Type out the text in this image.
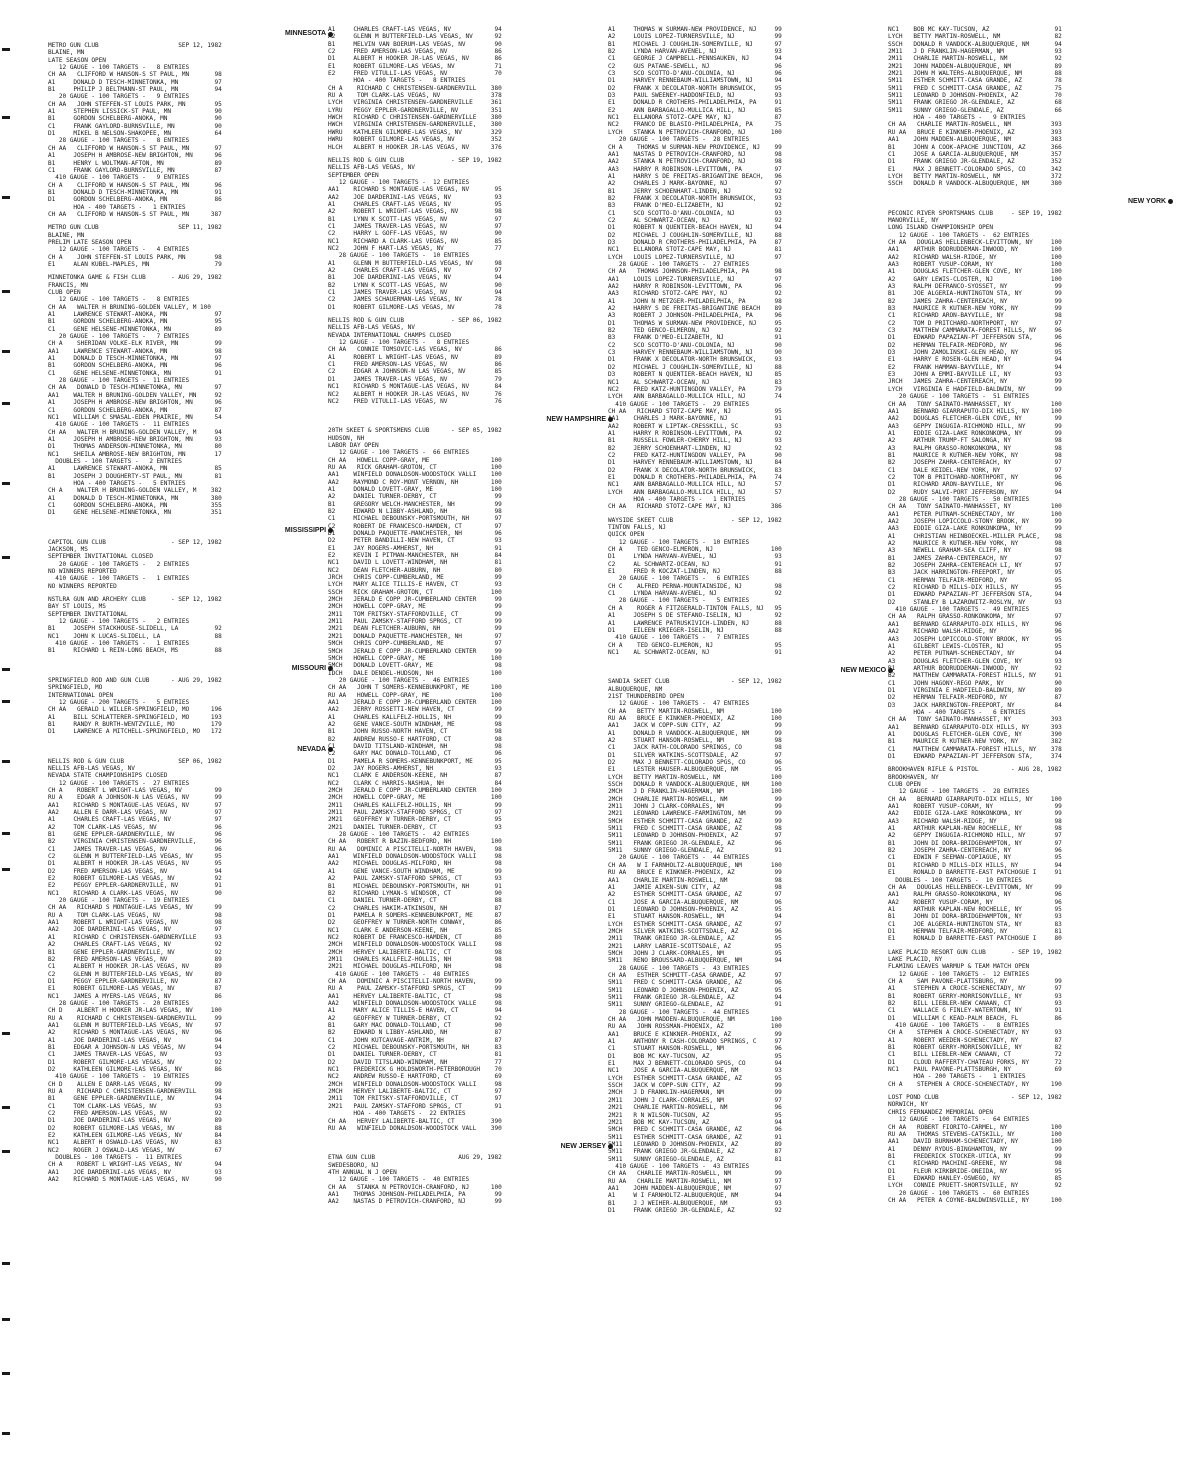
MINNESOTA
METRO GUN CLUB                      SEP 12, 1982
BLAINE, MN
LATE SEASON OPEN
12 GAUGE - 100 TARGETS -   8 ENTRIES
CH AA   CLIFFORD W HANSON-S ST PAUL, MN       98
A1     DONALD D TESCH-MINNETONKA, MN          97
B1     PHILIP J BELTMANN-ST PAUL, MN          94
20 GAUGE - 100 TARGETS -   9 ENTRIES
CH AA   JOHN STEFFEN-ST LOUIS PARK, MN        95
A1     STEPHEN LISSICK-ST PAUL, MN            90
B1     GORDON SCHELBERG-ANOKA, MN             90
C1     FRANK GAYLORD-BURNSVILLE, MN           90
D1     MIKEL B NELSON-SHAKOPEE, MN            64
28 GAUGE - 100 TARGETS -   8 ENTRIES
CH AA   CLIFFORD W HANSON-S ST PAUL, MN       97
A1     JOSEPH H AMBROSE-NEW BRIGHTON, MN      96
B1     HENRY L WOLTMAN-AFTON, MN              89
C1     FRANK GAYLORD-BURNSVILLE, MN           87
410 GAUGE - 100 TARGETS -   9 ENTRIES
CH A    CLIFFORD W HANSON-S ST PAUL, MN       96
B1     DONALD D TESCH-MINNETONKA, MN          91
D1     GORDON SCHELBERG-ANOKA, MN             86
HOA - 400 TARGETS -   1 ENTRIES
CH AA   CLIFFORD W HANSON-S ST PAUL, MN      387
METRO GUN CLUB                      SEP 11, 1982
BLAINE, MN
PRELIM LATE SEASON OPEN
12 GAUGE - 100 TARGETS -   4 ENTRIES
CH A    JOHN STEFFEN-ST LOUIS PARK, MN        98
E1     ALAN KUBEL-MAPLES, MN                  79
MINNETONKA GAME & FISH CLUB       - AUG 29, 1982
FRANCIS, MN
CLUB OPEN
12 GAUGE - 100 TARGETS -   8 ENTRIES
CH AA   WALTER H BRUNING-GOLDEN VALLEY, M 100
A1     LAWRENCE STEWART-ANOKA, MN             97
B1     GORDON SCHELBERG-ANOKA, MN             95
C1     GENE HELSENE-MINNETONKA, MN            89
20 GAUGE - 100 TARGETS -   7 ENTRIES
CH A    SHERIDAN VOLKE-ELK RIVER, MN          99
AA1    LAWRENCE STEWART-ANOKA, MN             98
A1     DONALD D TESCH-MINNETONKA, MN          97
B1     GORDON SCHELBERG-ANOKA, MN             96
C1     GENE HELSENE-MINNETONKA, MN            91
28 GAUGE - 100 TARGETS -  11 ENTRIES
CH AA   DONALD D TESCH-MINNETONKA, MN         97
AA1    WALTER H BRUNING-GOLDEN VALLEY, MN     92
A1     JOSEPH H AMBROSE-NEW BRIGHTON, MN      96
C1     GORDON SCHELBERG-ANOKA, MN             87
NC1    WILLIAM C SMASAL-EDEN PRAIRIE, MN      54
410 GAUGE - 100 TARGETS -  11 ENTRIES
CH AA   WALTER H BRUNING-GOLDEN VALLEY, M     94
A1     JOSEPH H AMBROSE-NEW BRIGHTON, MN      93
D1     THOMAS ANDERSON-MINNETONKA, MN         80
NC1    SHEILA AMBROSE-NEW BRIGHTON, MN        17
DOUBLES - 100 TARGETS -   2 ENTRIES
A1     LAWRENCE STEWART-ANOKA, MN             85
B1     JOSEPH J DOUGHERTY-ST PAUL, MN         81
HOA - 400 TARGETS -   5 ENTRIES
CH A    WALTER H BRUNING-GOLDEN VALLEY, M    382
A1     DONALD D TESCH-MINNETONKA, MN         380
C1     GORDON SCHELBERG-ANOKA, MN            355
D1     GENE HELSENE-MINNETONKA, MN           351
MISSISSIPPI
CAPITOL GUN CLUB                  - SEP 12, 1982
JACKSON, MS
SEPTEMBER INVITATIONAL CLOSED
20 GAUGE - 100 TARGETS -   2 ENTRIES
NO WINNERS REPORTED
410 GAUGE - 100 TARGETS -   1 ENTRIES
NO WINNERS REPORTED
NSTLRA GUN AND ARCHERY CLUB       - SEP 12, 1982
BAY ST LOUIS, MS
SEPTEMBER INVITATIONAL
12 GAUGE - 100 TARGETS -   2 ENTRIES
B1     JOSEPH STACKHOUSE-SLIDELL, LA          92
NC1    JOHN K LUCAS-SLIDELL, LA               88
410 GAUGE - 100 TARGETS -   1 ENTRIES
B1     RICHARD L REIN-LONG BEACH, MS          88
MISSOURI
SPRINGFIELD ROD AND GUN CLUB      - AUG 29, 1982
SPRINGFIELD, MO
INTERNATIONAL OPEN
12 GAUGE - 200 TARGETS -   5 ENTRIES
CH AA   GERALD L WILLER-SPRINGFIELD, MO      196
A1     BILL SCHLATTERER-SPRINGFIELD, MO      193
B1     RANDY R BURTH-WENTZVILLE, MO          179
D1     LAWRENCE A MITCHELL-SPRINGFIELD, MO   172
NEVADA
NELLIS ROD & GUN CLUB               SEP 06, 1982
NELLIS AFB-LAS VEGAS, NV
NEVADA STATE CHAMPIONSHIPS CLOSED
12 GAUGE - 100 TARGETS -  27 ENTRIES
CH A    ROBERT L WRIGHT-LAS VEGAS, NV         99
RU A    EDGAR A JOHNSON-N LAS VEGAS, NV       99
AA1    RICHARD S MONTAGUE-LAS VEGAS, NV       97
AA2    ALLEN E DARR-LAS VEGAS, NV             97
A1     CHARLES CRAFT-LAS VEGAS, NV            97
A2     TOM CLARK-LAS VEGAS, NV                96
B1     GENE EPPLER-GARDNERVILLE, NV           96
B2     VIRGINIA CHRISTENSEN-GARDNERVILLE,     96
C1     JAMES TRAVER-LAS VEGAS, NV             96
C2     GLENN M BUTTERFIELD-LAS VEGAS, NV      95
D1     ALBERT H HOOKER JR-LAS VEGAS, NV       95
D2     FRED AMERSON-LAS VEGAS, NV             94
E2     ROBERT GILMORE-LAS VEGAS, NV           92
E2     PEGGY EPPLER-GARDNERVILLE, NV          91
NC1    RICHARD A CLARK-LAS VEGAS, NV          90
20 GAUGE - 100 TARGETS -  19 ENTRIES
CH AA   RICHARD S MONTAGUE-LAS VEGAS, NV      99
RU A    TOM CLARK-LAS VEGAS, NV               98
AA1    ROBERT L WRIGHT-LAS VEGAS, NV          98
AA2    JOE DARDERINI-LAS VEGAS, NV            97
A1     RICHARD C CHRISTENSEN-GARDNERVILLE     93
A2     CHARLES CRAFT-LAS VEGAS, NV            92
B1     GENE EPPLER-GARDNERVILLE, NV           92
B2     FRED AMERSON-LAS VEGAS, NV             89
C1     ALBERT H HOOKER JR-LAS VEGAS, NV       89
C2     GLENN M BUTTERFIELD-LAS VEGAS, NV      89
D1     PEGGY EPPLER-GARDNERVILLE, NV          87
E1     ROBERT GILMORE-LAS VEGAS, NV           87
NC1    JAMES A MYERS-LAS VEGAS, NV            86
28 GAUGE - 100 TARGETS -  20 ENTRIES
CH D    ALBERT H HOOKER JR-LAS VEGAS, NV     100
RU A    RICHARD C CHRISTENSEN-GARDNERVILL     99
AA1    GLENN M BUTTERFIELD-LAS VEGAS, NV      97
A2     RICHARD S MONTAGUE-LAS VEGAS, NV       96
A1     JOE DARDERINI-LAS VEGAS, NV            94
B1     EDGAR A JOHNSON-N LAS VEGAS, NV        94
C1     JAMES TRAVER-LAS VEGAS, NV             93
D1     ROBERT GILMORE-LAS VEGAS, NV           92
D2     KATHLEEN GILMORE-LAS VEGAS, NV         86
410 GAUGE - 100 TARGETS -  19 ENTRIES
CH D    ALLEN E DARR-LAS VEGAS, NV            99
RU A    RICHARD C CHRISTENSEN-GARDNERVILL     98
B1     GENE EPPLER-GARDNERVILLE, NV           94
C1     TOM CLARK-LAS VEGAS, NV                93
C2     FRED AMERSON-LAS VEGAS, NV             92
D1     JOE DARDERINI-LAS VEGAS, NV            89
D2     ROBERT GILMORE-LAS VEGAS, NV           88
E2     KATHLEEN GILMORE-LAS VEGAS, NV         84
NC1    ALBERT H OSWALD-LAS VEGAS, NV          83
NC2    ROGER J OSWALD-LAS VEGAS, NV           67
DOUBLES - 100 TARGETS -  11 ENTRIES
CH A    ROBERT L WRIGHT-LAS VEGAS, NV         94
AA1    JOE DARDERINI-LAS VEGAS, NV            93
AA2    RICHARD S MONTAGUE-LAS VEGAS, NV       90
A1     CHARLES CRAFT-LAS VEGAS, NV            94
A2     GLENN M BUTTERFIELD-LAS VEGAS, NV      92
B1     MELVIN VAN BOERUM-LAS VEGAS, NV        90
C2     FRED AMERSON-LAS VEGAS, NV             86
D1     ALBERT H HOOKER JR-LAS VEGAS, NV       86
E1     ROBERT GILMORE-LAS VEGAS, NV           71
E2     FRED VITULLI-LAS VEGAS, NV             70
HOA - 400 TARGETS -   8 ENTRIES
CH A    RICHARD C CHRISTENSEN-GARDNERVILL    380
RU A    TOM CLARK-LAS VEGAS, NV              378
LYCH   VIRGINIA CHRISTENSEN-GARDNERVILLE     361
LYRU   PEGGY EPPLER-GARDNERVILLE, NV         351
HWCH   RICHARD C CHRISTENSEN-GARDNERVILLE    380
HWCH   VIRGINIA CHRISTENSEN-GARDNERVILLE,    380
HWRU   KATHLEEN GILMORE-LAS VEGAS, NV        329
HWRU   ROBERT GILMORE-LAS VEGAS, NV          352
HLCH   ALBERT H HOOKER JR-LAS VEGAS, NV      376
NELLIS ROD & GUN CLUB             - SEP 19, 1982
NELLIS AFB-LAS VEGAS, NV
SEPTEMBER OPEN
12 GAUGE - 100 TARGETS -  12 ENTRIES
AA1    RICHARD S MONTAGUE-LAS VEGAS, NV       95
AA2    JOE DARDERINI-LAS VEGAS, NV            93
A1     CHARLES CRAFT-LAS VEGAS, NV            95
A2     ROBERT L WRIGHT-LAS VEGAS, NV          98
B1     LYNN K SCOTT-LAS VEGAS, NV             97
C1     JAMES TRAVER-LAS VEGAS, NV             97
C2     HARRY L GOFF-LAS VEGAS, NV             90
NC1    RICHARD A CLARK-LAS VEGAS, NV          85
NC2    JOHN F HART-LAS VEGAS, NV              77
28 GAUGE - 100 TARGETS -  10 ENTRIES
A1     GLENN M BUTTERFIELD-LAS VEGAS, NV      98
A2     CHARLES CRAFT-LAS VEGAS, NV            97
B1     JOE DARDERINI-LAS VEGAS, NV            94
B2     LYNN K SCOTT-LAS VEGAS, NV             90
C1     JAMES TRAVER-LAS VEGAS, NV             94
C2     JAMES SCHAUERMAN-LAS VEGAS, NV         78
D1     ROBERT GILMORE-LAS VEGAS, NV           78
NELLIS ROD & GUN CLUB             - SEP 06, 1982
NELLIS AFB-LAS VEGAS, NV
NEVADA INTERNATIONAL CHAMPS CLOSED
12 GAUGE - 100 TARGETS -   8 ENTRIES
CH AA   CONNIE TOMSOVIC-LAS VEGAS, NV         86
A1     ROBERT L WRIGHT-LAS VEGAS, NV          89
C1     FRED AMERSON-LAS VEGAS, NV             86
C2     EDGAR A JOHNSON-N LAS VEGAS, NV        85
D1     JAMES TRAVER-LAS VEGAS, NV             79
NC1    RICHARD S MONTAGUE-LAS VEGAS, NV       84
NC2    ALBERT H HOOKER JR-LAS VEGAS, NV       76
NC2    FRED VITULLI-LAS VEGAS, NV             76
NEW HAMPSHIRE
20TH SKEET & SPORTSMENS CLUB      - SEP 05, 1982
HUDSON, NH
LABOR DAY OPEN
12 GAUGE - 100 TARGETS -  66 ENTRIES
CH AA   HOWELL COPP-GRAY, ME                 100
RU AA   RICK GRAHAM-GROTON, CT               100
AA1    WINFIELD DONALDSON-WOODSTOCK VALLI    100
AA2    RAYMOND C ROY-MONT VERNON, NH         100
A1     DONALD LOVETT-GRAY, ME                100
A2     DANIEL TURNER-DERBY, CT                99
B1     GREGORY WELCH-MANCHESTER, NH           99
B2     EDWARD N LIBBY-ASHLAND, NH             98
C1     MICHAEL DEBOUNSKY-PORTSMOUTH, NH       97
C2     ROBERT DE FRANCESCO-HAMDEN, CT         97
D1     DONALD PAQUETTE-MANCHESTER, NH         96
D2     PETER BANDILLI-NEW HAVEN, CT           93
E1     JAY ROGERS-AMHERST, NH                 91
E2     KEVIN I PITMAN-MANCHESTER, NH          84
NC1    DAVID L LOVETT-WINDHAM, NH             81
NC2    DEAN FLETCHER-AUBURN, NH               80
JRCH   CHRIS COPP-CUMBERLAND, ME              99
LYCH   MARY ALICE TILLIS-E HAVEN, CT          93
SSCH   RICK GRAHAM-GROTON, CT                100
2MCH   JERALD E COPP JR-CUMBERLAND CENTER     99
2MCH   HOWELL COPP-GRAY, ME                   99
2M11   TOM FRITSKY-STAFFORDVILLE, CT          99
2M11   PAUL ZAMSKY-STAFFORD SPRGS, CT         99
2M21   DEAN FLETCHER-AUBURN, NH               99
2M21   DONALD PAQUETTE-MANCHESTER, NH         97
5MCH   CHRIS COPP-CUMBERLAND, ME              97
5MCH   JERALD E COPP JR-CUMBERLAND CENTER     99
5MCH   HOWELL COPP-GRAY, ME                  100
5MCH   DONALD LOVETT-GRAY, ME                 98
IDCH   DALE DENDEL-HUDSON, NH                100
20 GAUGE - 100 TARGETS -  46 ENTRIES
CH AA   JOHN T SOMERS-KENNEBUNKPORT, ME      100
RU AA   HOWELL COPP-GRAY, ME                 100
AA1    JERALD E COPP JR-CUMBERLAND CENTER    100
AA2    JERRY ROSSETTI-NEW HAVEN, CT           99
A1     CHARLES KALLFELZ-HOLLIS, NH            99
A2     GENE VANCE-SOUTH WINDHAM, ME           98
B1     JOHN RUSSO-NORTH HAVEN, CT             98
B2     ANDREW RUSSO-E HARTFORD, CT            98
C1     DAVID TITSLAND-WINDHAM, NH             98
C2     GARY MAC DONALD-TOLLAND, CT            96
D1     PAMELA R SOMERS-KENNEBUNKPORT, ME      95
D2     JAY ROGERS-AMHERST, NH                 93
NC1    CLARK E ANDERSON-KEENE, NH             87
NC2    CLARK C HARRIS-NASHUA, NH              84
2MCH   JERALD E COPP JR-CUMBERLAND CENTER    100
2MCH   HOWELL COPP-GRAY, ME                  100
2M11   CHARLES KALLFELZ-HOLLIS, NH            99
2M11   PAUL ZAMSKY-STAFFORD SPRGS, CT         97
2M21   GEOFFREY W TURNER-DERBY, CT            95
2M21   DANIEL TURNER-DERBY, CT                93
28 GAUGE - 100 TARGETS -  42 ENTRIES
CH AA   ROBERT R BAZIN-BEDFORD, NH           100
RU AA   DOMINIC A PISCITELLI-NORTH HAVEN,     98
AA1    WINFIELD DONALDSON-WOODSTOCK VALLI     98
AA2    MICHAEL DOUGLAS-MILFORD, NH            98
A1     GENE VANCE-SOUTH WINDHAM, ME           99
A2     PAUL ZAMSKY-STAFFORD SPRGS, CT         93
B1     MICHAEL DEBOUNSKY-PORTSMOUTH, NH       91
B2     RICHARD LYMAN-S WINDSOR, CT            90
C1     DANIEL TURNER-DERBY, CT                88
C2     CHARLES HAKIM-ATKINSON, NH             87
D1     PAMELA R SOMERS-KENNEBUNKPORT, ME      87
D2     GEOFFREY W TURNER-NORTH CONWAY,        86
NC1    CLARK E ANDERSON-KEENE, NH             85
NC2    ROBERT DE FRANCESCO-HAMDEN, CT         80
2MCH   WINFIELD DONALDSON-WOODSTOCK VALLI     98
2MCH   HERVEY LALIBERTE-BALTIC, CT            98
2M11   CHARLES KALLFELZ-HOLLIS, NH            98
2M21   MICHAEL DOUGLAS-MILFORD, NH            98
410 GAUGE - 100 TARGETS -  48 ENTRIES
CH AA   DOMINIC A PISCITELLI-NORTH HAVEN,     99
RU A    PAUL ZAMSKY-STAFFORD SPRGS, CT        99
AA1    HERVEY LALIBERTE-BALTIC, CT            98
AA2    WINFIELD DONALDSON-WOODSTOCK VALLE     98
A1     MARY ALICE TILLIS-E HAVEN, CT          94
A2     GEOFFREY W TURNER-DERBY, CT            92
B1     GARY MAC DONALD-TOLLAND, CT            90
B2     EDWARD N LIBBY-ASHLAND, NH             87
C1     JOHN KUTCAVAGE-ANTRIM, NH              87
C2     MICHAEL DEBOUNSKY-PORTSMOUTH, NH       83
D1     DANIEL TURNER-DERBY, CT                81
D2     DAVID TITSLAND-WINDHAM, NH             77
NC1    FREDERICK G HOLDSWORTH-PETERBOROUGH    70
NC2    ANDREW RUSSO-E HARTFORD, CT            69
2MCH   WINFIELD DONALDSON-WOODSTOCK VALLI     98
2MCH   HERVEY LALIBERTE-BALTIC, CT            97
2M11   TOM FRITSKY-STAFFORDVILLE, CT          97
2M21   PAUL ZAMSKY-STAFFORD SPRGS, CT         91
HOA - 400 TARGETS -  22 ENTRIES
CH AA   HERVEY LALIBERTE-BALTIC, CT          390
RU AA   WINFIELD DONALDSON-WOODSTOCK VALL    390
NEW JERSEY
ETNA GUN CLUB                       AUG 29, 1982
SWEDESBORO, NJ
4TH ANNUAL N J OPEN
12 GAUGE - 100 TARGETS -  40 ENTRIES
CH AA   STANKA N PETROVICH-CRANFORD, NJ      100
AA1    THOMAS JOHNSON-PHILADELPHIA, PA        99
AA2    NASTAS D PETROVICH-CRANFORD, NJ        99
A1     THOMAS W SURMAN-NEW PROVIDENCE, NJ     99
A2     LOUIS LOPEZ-TURNERSVILLE, NJ           99
B1     MICHAEL J COUGHLIN-SOMERVILLE, NJ      97
B2     LYNDA HARVAN-AVENEL, NJ                93
C1     GEORGE J CAMPBELL-PENNSAUKEN, NJ       94
C2     GUS PATANE-SEWELL, NJ                  96
C3     SCO SCOTTO-D'ANU-COLONIA, NJ           96
D1     HARVEY RENNEBAUM-WILLIAMSTOWN, NJ      94
D2     FRANK X DECOLATOR-NORTH BRUNSWICK,     95
D3     PAUL SWEENEY-HADDONFIELD, NJ           93
E1     DONALD R CROTHERS-PHILADELPHIA, PA     91
E2     ANN BARBAGALLO-MULLICA HILL, NJ        85
NC1    ELLANORA STOTZ-CAPE MAY, NJ            87
NC2    FRANCO DE BLASIO-PHILADELPHIA, PA      75
LYCH   STANKA N PETROVICH-CRANFORD, NJ       100
20 GAUGE - 100 TARGETS -  28 ENTRIES
CH A    THOMAS W SURMAN-NEW PROVIDENCE, NJ    99
AA1    NASTAS D PETROVICH-CRANFORD, NJ        98
AA2    STANKA N PETROVICH-CRANFORD, NJ        98
AA3    HARRY R ROBINSON-LEVITTOWN, PA         97
A1     HARRY S DE FREITAS-BRIGANTINE BEACH,   96
A2     CHARLES J MARK-BAYONNE, NJ             97
B1     JERRY SCHOENHART-LINDEN, NJ            92
B2     FRANK X DECOLATOR-NORTH BRUNSWICK,     93
B3     FRANK D'MEO-ELIZABETH, NJ              92
C1     SCO SCOTTO-D'ANU-COLONIA, NJ           93
C2     AL SCHWARTZ-OCEAN, NJ                  92
D1     ROBERT N QUENTIER-BEACH HAVEN, NJ      94
D2     MICHAEL J COUGHLIN-SOMERVILLE, NJ      88
D3     DONALD R CROTHERS-PHILADELPHIA, PA     87
NC1    ELLANORA STOTZ-CAPE MAY, NJ            81
LYCH   LOUIS LOPEZ-TURNERSVILLE, NJ           97
28 GAUGE - 100 TARGETS -  27 ENTRIES
CH AA   THOMAS JOHNSON-PHILADELPHIA, PA       98
AA1    LOUIS LOPEZ-TURNERSVILLE, NJ           97
AA2    HARRY R ROBINSON-LEVITTOWN, PA         96
AA3    RICHARD STOTZ-CAPE MAY, NJ             92
A1     JOHN N METZGER-PHILADELPHIA, PA        98
A2     HARRY S DE FREITAS-BRIGANTINE BEACH    89
A3     ROBERT J JOHNSON-PHILADELPHIA, PA      96
D1     THOMAS W SURMAN-NEW PROVIDENCE, NJ     95
B2     TED GENCO-ELMERON, NJ                  92
B3     FRANK D'MEO-ELIZABETH, NJ              91
C2     SCO SCOTTO-D'ANU-COLONIA, NJ           90
C3     HARVEY RENNEBAUM-WILLIAMSTOWN, NJ      90
D1     FRANK X DECOLATOR-NORTH BRUNSWICK,     93
D2     MICHAEL J COUGHLIN-SOMERVILLE, NJ      88
D3     ROBERT N QUENTIER-BEACH HAVEN, NJ      85
NC1    AL SCHWARTZ-OCEAN, NJ                  83
NC2    FRED KATZ-HUNTINGDON VALLEY, PA        79
LYCH   ANN BARBAGALLO-MULLICA HILL, NJ        74
410 GAUGE - 100 TARGETS -  29 ENTRIES
CH AA   RICHARD STOTZ-CAPE MAY, NJ            95
AA1    CHARLES J MARK-BAYONNE, NJ             91
AA2    ROBERT W LIPTAK-CRESSKILL, SC          93
A1     HARRY R ROBINSON-LEVITTOWN, PA         92
B1     RUSSELL FOWLER-CHERRY HILL, NJ         93
B2     JERRY SCHOENHART-LINDEN, NJ            92
C2     FRED KATZ-HUNTINGDON VALLEY, PA        90
D1     HARVEY RENNEBAUM-WILLIAMSTOWN, NJ      84
D2     FRANK X DECOLATOR-NORTH BRUNSWICK,     83
E1     DONALD R CROTHERS-PHILADELPHIA, PA     74
NC1    ANN BARBAGALLO-MULLICA HILL, NJ        57
LYCH   ANN BARBAGALLO-MULLICA HILL, NJ        57
HOA - 400 TARGETS -   1 ENTRIES
CH AA   RICHARD STOTZ-CAPE MAY, NJ           386
WAYSIDE SKEET CLUB                - SEP 12, 1982
TINTON FALLS, NJ
QUICK OPEN
12 GAUGE - 100 TARGETS -  10 ENTRIES
CH A    TED GENCO-ELMERON, NJ                100
D1     LYNDA HARVAN-AVENEL, NJ                93
C2     AL SCHWARTZ-OCEAN, NJ                  91
E1     FRED R KOCZAT-LINDEN, NJ               88
20 GAUGE - 100 TARGETS -   6 ENTRIES
CH C    ALFRED PERNA-MOUNTAINSIDE, NJ         98
C1     LYNDA HARVAN-AVENEL, NJ                92
28 GAUGE - 100 TARGETS -   5 ENTRIES
CH A    ROGER A FITZGERALD-TINTON FALLS, NJ   95
A1     JOSEPH S DE STEFANO-ISELIN, NJ         92
A1     LAWRENCE PATRUSKIVICH-LINDEN, NJ       88
D1     EILEEN KRIEGER-ISELIN, NJ              88
410 GAUGE - 100 TARGETS -   7 ENTRIES
CH A    TED GENCO-ELMERON, NJ                 95
NC1    AL SCHWARTZ-OCEAN, NJ                  91
NEW MEXICO
SANDIA SKEET CLUB                 - SEP 12, 1982
ALBUQUERQUE, NM
21ST THUNDERBIRD OPEN
12 GAUGE - 100 TARGETS -  47 ENTRIES
CH AA   BETTY MARTIN-ROSWELL, NM             100
RU AA   BRUCE E KINKNER-PHOENIX, AZ          100
AA1    JACK W COPP-SUN CITY, AZ               99
A1     DONALD R VANDOCK-ALBUQUERQUE, NM       99
A2     STUART HANSON-ROSWELL, NM              98
C1     JACK RATH-COLORADO SPRINGS, CO         98
D1     SILVER WATKINS-SCOTTSDALE, AZ          97
D2     MAX J BENNETT-COLORADO SPGS, CO        96
E1     LESTER HAUSER-ALBUQUERQUE, NM          95
LYCH   BETTY MARTIN-ROSWELL, NM              100
SSCH   DONALD R VANDOCK-ALBUQUERQUE, NM      100
2MCH   J D FRANKLIN-HAGERMAN, NM             100
2MCH   CHARLIE MARTIN-ROSWELL, NM             99
2M11   JOHN J CLARK-CORRALES, NM              99
2M21   LEONARD LAWRENCE-FARMINGTON, NM        99
5MCH   ESTHER SCHMITT-CASA GRANDE, AZ         99
5M11   FRED C SCHMITT-CASA GRANDE, AZ         98
5M11   LEONARD D JOHNSON-PHOENIX, AZ          97
5M11   FRANK GRIEGO JR-GLENDALE, AZ           96
5M11   SUNNY GRIEGO-GLENDALE, AZ              91
20 GAUGE - 100 TARGETS -  44 ENTRIES
CH AA   W I FARNHOLTZ-ALBUQUERQUE, NM        100
RU AA   BRUCE E KINKNER-PHOENIX, AZ           99
AA1    CHARLIE MARTIN-ROSWELL, NM             98
A1     JAMIE AIKEN-SUN CITY, AZ               98
A2     ESTHER SCHMITT-CASA GRANDE, AZ         97
C1     JOSE A GARCIA-ALBUQUERQUE, NM          96
D1     LEONARD D JOHNSON-PHOENIX, AZ          95
E1     STUART HANSON-ROSWELL, NM              94
LYCH   ESTHER SCHMITT-CASA GRANDE, AZ         97
2MCH   SILVER WATKINS-SCOTTSDALE, AZ          96
2M11   TRANK GRIEGO JR-GLENDALE, AZ           95
2M21   LARRY LABRIE-SCOTTSDALE, AZ            95
5MCH   JOHN J CLARK-CORRALES, NM              95
5M11   RENO BROUSSARD-ALBUQUERQUE, NM         94
28 GAUGE - 100 TARGETS -  43 ENTRIES
CH AA   ESTHER SCHMITT-CASA GRANDE, AZ        97
5M11   FRED C SCHMITT-CASA GRANDE, AZ         96
5M11   LEONARD D JOHNSON-PHOENIX, AZ          95
5M11   FRANK GRIEGO JR-GLENDALE, AZ           94
5M11   SUNNY GRIEGO-GLENDALE, AZ              91
28 GAUGE - 100 TARGETS -  44 ENTRIES
CH AA   JOHN MADDEN-ALBUQUERQUE, NM          100
RU AA   JOHN ROSSMAN-PHOENIX, AZ             100
AA1    BRUCE E KINKNER-PHOENIX, AZ            99
A1     ANTHONY R CASH-COLORADO SPRINGS, C     97
C1     STUART HANSON-ROSWELL, NM              96
D1     BOB MC KAY-TUCSON, AZ                  95
E1     MAX J BENNETT-COLORADO SPGS, CO        94
NC1    JOSE A GARCIA-ALBUQUERQUE, NM          93
LYCH   ESTHER SCHMITT-CASA GRANDE, AZ         95
SSCH   JACK W COPP-SUN CITY, AZ               99
2MCH   J D FRANKLIN-HAGERMAN, NM              99
2M11   JOHN J CLARK-CORRALES, NM              97
2M21   CHARLIE MARTIN-ROSWELL, NM             96
2M21   R N WILSON-TUCSON, AZ                  95
2M21   BOB MC KAY-TUCSON, AZ                  94
5MCH   FRED C SCHMITT-CASA GRANDE, AZ         96
5M11   ESTHER SCHMITT-CASA GRANDE, AZ         91
5M11   LEONARD D JOHNSON-PHOENIX, AZ          89
5M11   FRANK GRIEGO JR-GLENDALE, AZ           87
5M11   SUNNY GRIEGO-GLENDALE, AZ              81
410 GAUGE - 100 TARGETS -  43 ENTRIES
CH AA   CHARLIE MARTIN-ROSWELL, NM            99
RU AA   CHARLIE MARTIN-ROSWELL, NM            97
AA1    JOHN MADDEN-ALBUQUERQUE, NM            97
A1     W I FARNHOLTZ-ALBUQUERQUE, NM          94
B1     J J WEIHER-ALBUQUERQUE, NM             93
D1     FRANK GRIEGO JR-GLENDALE, AZ           92
NC1    BOB MC KAY-TUCSON, AZ                  91
LYCH   BETTY MARTIN-ROSWELL, NM               82
SSCH   DONALD R VANDOCK-ALBUQUERQUE, NM       94
2M11   J D FRANKLIN-HAGERMAN, NM              93
2M11   CHARLIE MARTIN-ROSWELL, NM             92
2M21   JOHN MADDEN-ALBUQUERQUE, NM            89
2M21   JOHN M WALTERS-ALBUQUERQUE, NM         88
5M11   ESTHER SCHMITT-CASA GRANDE, AZ         78
5M11   FRED C SCHMITT-CASA GRANDE, AZ         75
5M11   LEONARD D JOHNSON-PHOENIX, AZ          70
5M11   FRANK GRIEGO JR-GLENDALE, AZ           68
5M11   SUNNY GRIEGO-GLENDALE, AZ              66
HOA - 400 TARGETS -   9 ENTRIES
CH AA   CHARLIE MARTIN-ROSWELL, NM           393
RU AA   BRUCE E KINKNER-PHOENIX, AZ          393
AA1    JOHN MADDEN-ALBUQUERQUE, NM           383
B1     JOHN A COOK-APACHE JUNCTION, AZ       366
C1     JOSE A GARCIA-ALBUQUERQUE, NM         357
D1     FRANK GRIEGO JR-GLENDALE, AZ          352
E1     MAX J BENNETT-COLORADO SPGS, CO       342
LYCH   BETTY MARTIN-ROSWELL, NM              372
SSCH   DONALD R VANDOCK-ALBUQUERQUE, NM      380
NEW YORK
PECONIC RIVER SPORTSMANS CLUB     - SEP 19, 1982
MANORVILLE, NY
LONG ISLAND CHAMPIONSHIP OPEN
12 GAUGE - 100 TARGETS -  62 ENTRIES
CH AA   DOUGLAS HELLENBECK-LEVITTOWN, NY     100
AA1    ARTHUR BODRUDDEMAN-INWOOD, NY         100
AA2    RICHARD WALSH-RIDGE, NY               100
AA3    ROBERT YUSUP-CORAM, NY                100
A1     DOUGLAS FLETCHER-GLEN COVE, NY        100
A2     GARY LEWIS-CLOSTER, NJ                100
A3     RALPH DEFRANCO-SYOSSET, NY             99
B1     JOE ALGERIA-HUNTINGTON STA, NY         99
B2     JAMES ZAHRA-CENTEREACH, NY             99
B3     MAURICE R KUTNER-NEW YORK, NY          99
C1     RICHARD ARON-BAYVILLE, NY              98
C2     TOM D PRITCHARD-NORTHPORT, NY          97
C3     MATTHEW CAMMARATA-FOREST HILLS, NY     96
D1     EDWARD PAPAZIAN-PT JEFFERSON STA,      96
D2     HERMAN TELFAIR-MEDFORD, NY             96
D3     JOHN ZAMOLINSKI-GLEN HEAD, NY          95
E1     HARRY E ROSEN-GLEN HEAD, NY            94
E2     FRANK HAMMAN-BAYVILLE, NY              94
E3     JOHN A EMMI-BAYVILLE LI, NY            93
JRCH   JAMES ZAHRA-CENTEREACH, NY             99
LYCH   VIRGINIA E HADFIELD-BALDWIN, NY        99
20 GAUGE - 100 TARGETS -  51 ENTRIES
CH AA   TONY SAINATO-MANHASSET, NY           100
AA1    BERNARD GIARRAPUTO-DIX HILLS, NY      100
AA2    DOUGLAS FLETCHER-GLEN COVE, NY         99
AA3    GEPPY INGUGIA-RICHMOND HILL, NY        99
A1     EDDIE GIZA-LAKE RONKONKOMA, NY         99
A2     ARTHUR TRUMP-FT SALONGA, NY            98
A3     RALPH GRASSO-RONKONKOMA, NY            98
B1     MAURICE R KUTNER-NEW YORK, NY          98
B2     JOSEPH ZAHRA-CENTEREACH, NY            97
C1     DALE KEIDEL-NEW YORK, NY               97
C2     TOM B PRITCHARD-NORTHPORT, NY          96
D1     RICHARD ARON-BAYVILLE, NY              96
D2     RUDY SALVI-PORT JEFFERSON, NY          94
28 GAUGE - 100 TARGETS -  50 ENTRIES
CH AA   TONY SAINATO-MANHASSET, NY           100
AA1    PETER PUTNAM-SCHENECTADY, NY          100
AA2    JOSEPH LOPICCOLO-STONY BROOK, NY       99
AA3    EDDIE GIZA-LAKE RONKONKOMA, NY         99
A1     CHRISTIAN HEINBOECKEL-MILLER PLACE,    98
A2     MAURICE R KUTNER-NEW YORK, NY          98
A3     NEWELL GRAHAM-SEA CLIFF, NY            98
B1     JAMES ZAHRA-CENTEREACH, NY             97
B2     JOSEPH ZAHRA-CENTEREACH LI, NY         97
B3     JACK HARRINGTON-FREEPORT, NY           95
C1     HERMAN TELFAIR-MEDFORD, NY             95
C2     RICHARD D MILLS-DIX HILLS, NY          95
D1     EDWARD PAPAZIAN-PT JEFFERSON STA,      94
D2     STANLEY B LAZAROWITZ-ROSLYN, NY        93
410 GAUGE - 100 TARGETS -  49 ENTRIES
CH AA   RALPH GRASSO-RONKONKOMA, NY           97
AA1    BERNARD GIARRAPUTO-DIX HILLS, NY       96
AA2    RICHARD WALSH-RIDGE, NY                96
AA3    JOSEPH LOPICCOLO-STONY BROOK, NY       95
A1     GILBERT LEWIS-CLOSTER, NJ              95
A2     PETER PUTNAM-SCHENECTADY, NY           94
A3     DOUGLAS FLETCHER-GLEN COVE, NY         93
B1     ARTHUR BODRUDDEMAN-INWOOD, NY          92
B2     MATTHEW CAMMARATA-FOREST HILLS, NY     91
C1     JOHN HAGONY-REGO PARK, NY              90
D1     VIRGINIA E HADFIELD-BALDWIN, NY        89
D2     HERMAN TELFAIR-MEDFORD, NY             87
D3     JACK HARRINGTON-FREEPORT, NY           84
HOA - 400 TARGETS -   6 ENTRIES
CH AA   TONY SAINATO-MANHASSET, NY           393
AA1    BERNARD GIARRAPUTO-DIX HILLS, NY      393
A1     DOUGLAS FLETCHER-GLEN COVE, NY        390
B1     MAURICE R KUTNER-NEW YORK, NY         382
C1     MATTHEW CAMMARATA-FOREST HILLS, NY    378
D1     EDWARD PAPAZIAN-PT JEFFERSON STA,     374
BROOKHAVEN RIFLE & PISTOL         - AUG 28, 1982
BROOKHAVEN, NY
CLUB OPEN
12 GAUGE - 100 TARGETS -  28 ENTRIES
CH AA   BERNARD GIARRAPUTO-DIX HILLS, NY     100
AA1    ROBERT YUSUP-CORAM, NY                 99
AA2    EDDIE GIZA-LAKE RONKONKOMA, NY         99
AA3    RICHARD WALSH-RIDGE, NY                98
A1     ARTHUR KAPLAN-NEW ROCHELLE, NY         98
A2     GEPPY INGUGIA-RICHMOND HILL, NY        97
B1     JOHN DI DORA-BRIDGEHAMPTON, NY         97
B2     JOSEPH ZAHRA-CENTEREACH, NY            96
C1     EDWIN F SEEMAN-COPIAGUE, NY            95
D1     RICHARD D MILLS-DIX HILLS, NY          94
E1     RONALD D BARRETTE-EAST PATCHOGUE I     91
DOUBLES - 100 TARGETS -  10 ENTRIES
CH AA   DOUGLAS HELLENBECK-LEVITTOWN, NY      99
AA1    RALPH GRASSO-RONKONKOMA, NY            96
AA2    ROBERT YUSUP-CORAM, NY                 96
A1     ARTHUR KAPLAN-NEW ROCHELLE, NY         95
B1     JOHN DI DORA-BRIDGEHAMPTON, NY         93
C1     JOE ALGERIA-HUNTINGTON STA, NY         83
D1     HERMAN TELFAIR-MEDFORD, NY             81
E1     RONALD D BARRETTE-EAST PATCHOGUE I     80
LAKE PLACID RESORT GUN CLUB       - SEP 19, 1982
LAKE PLACID, NY
FLAMING LEAVES WARMUP & TEAM MATCH OPEN
12 GAUGE - 100 TARGETS -  12 ENTRIES
CH A    SAM PAVONE-PLATTSBURG, NY             99
A1     STEPHEN A CROCE-SCHENECTADY, NY        97
B1     ROBERT GERRY-MORRISONVILLE, NY         93
B2     BILL LIEBLER-NEW CANAAN, CT            93
C1     WALLACE G FINLEY-WATERTOWN, NY         91
D1     WILLIAM C KEAD-PALM BEACH, FL          86
410 GAUGE - 100 TARGETS -   8 ENTRIES
CH A    STEPHEN A CROCE-SCHENECTADY, NY       93
A1     ROBERT WEEDEN-SCHENECTADY, NY          87
B1     ROBERT GERRY-MORRISONVILLE, NY         82
C1     BILL LIEBLER-NEW CANAAN, CT            72
D1     CLOUD RAFFERTY-CHATEAU FORKS, NY       72
NC1    PAUL PAVONE-PLATTSBURGH, NY            69
HOA - 200 TARGETS -   1 ENTRIES
CH A    STEPHEN A CROCE-SCHENECTADY, NY      190
LOST POND CLUB                    - SEP 12, 1982
NORWICH, NY
CHRIS FERNANDEZ MEMORIAL OPEN
12 GAUGE - 100 TARGETS -  64 ENTRIES
CH AA   ROBERT FIORITO-CARMEL, NY            100
RU AA   THOMAS STEVENS-CATSKILL, NY          100
AA1    DAVID BURNHAM-SCHENECTADY, NY         100
A1     DENNY RYDUS-BINGHAMTON, NY             99
B1     FREDERICK STOCKER-UTICA, NY            99
C1     RICHARD MACHINI-GREENE, NY             98
D1     FLEUR KIRKBRIDE-ONEIDA, NY             95
E1     EDWARD HANLEY-OSWEGO, NY               85
LYCH   CONNIE PRUETT-SHORTSVILLE, NY          92
20 GAUGE - 100 TARGETS -  60 ENTRIES
CH AA   PETER A COYNE-BALDWINSVILLE, NY      100
